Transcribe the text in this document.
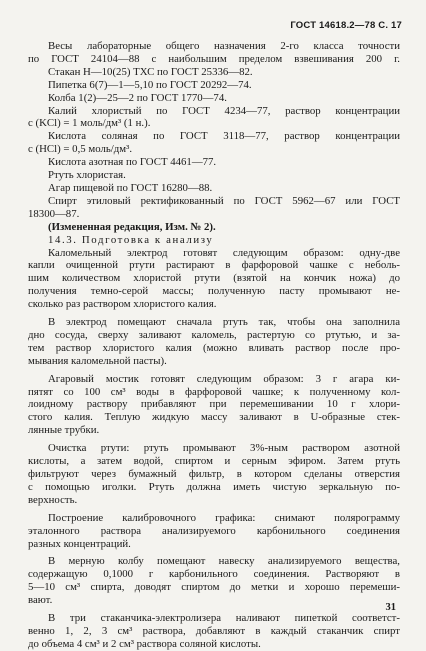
ГОСТ 14618.2—78 С. 17
Весы лабораторные общего назначения 2-го класса точности
по ГОСТ 24104—88 с наибольшим пределом взвешивания 200 г.
Стакан Н—10(25) ТХС по ГОСТ 25336—82.
Пипетка 6(7)—1—5,10 по ГОСТ 20292—74.
Колба 1(2)—25—2 по ГОСТ 1770—74.
Калий хлористый по ГОСТ 4234—77, раствор концентрации
c (KCl) = 1 моль/дм³ (1 н.).
Кислота соляная по ГОСТ 3118—77, раствор концентрации
c (HCl) = 0,5 моль/дм³.
Кислота азотная по ГОСТ 4461—77.
Ртуть хлористая.
Агар пищевой по ГОСТ 16280—88.
Спирт этиловый ректификованный по ГОСТ 5962—67 или ГОСТ
18300—87.
(Измененная редакция, Изм. № 2).
14.3. Подготовка к анализу
Каломельный электрод готовят следующим образом: одну-две
капли очищенной ртути растирают в фарфоровой чашке с неболь-
шим количеством хлористой ртути (взятой на кончик ножа) до
получения темно-серой массы; полученную пасту промывают не-
сколько раз раствором хлористого калия.
В электрод помещают сначала ртуть так, чтобы она заполнила
дно сосуда, сверху заливают каломель, растертую со ртутью, и за-
тем раствор хлористого калия (можно вливать раствор после про-
мывания каломельной пасты).
Агаровый мостик готовят следующим образом: 3 г агара ки-
пятят со 100 см³ воды в фарфоровой чашке; к полученному кол-
лоидному раствору прибавляют при перемешивании 10 г хлори-
стого калия. Теплую жидкую массу заливают в U-образные стек-
лянные трубки.
Очистка ртути: ртуть промывают 3%-ным раствором азотной
кислоты, а затем водой, спиртом и серным эфиром. Затем ртуть
фильтруют через бумажный фильтр, в котором сделаны отверстия
с помощью иголки. Ртуть должна иметь чистую зеркальную по-
верхность.
Построение калибровочного графика: снимают полярограмму
эталонного раствора анализируемого карбонильного соединения
разных концентраций.
В мерную колбу помещают навеску анализируемого вещества,
содержащую 0,1000 г карбонильного соединения. Растворяют в
5—10 см³ спирта, доводят спиртом до метки и хорошо перемеши-
вают.
В три стаканчика-электролизера наливают пипеткой соответст-
венно 1, 2, 3 см³ раствора, добавляют в каждый стаканчик спирт
до объема 4 см³ и 2 см³ раствора соляной кислоты.
31
